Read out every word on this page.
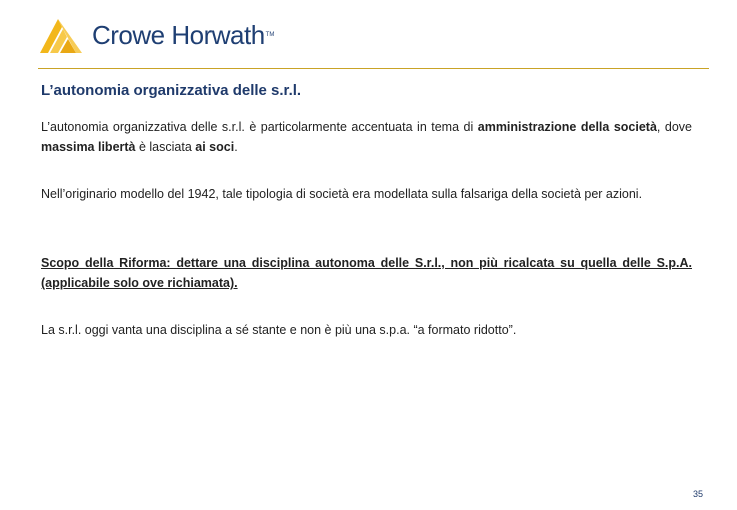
Crowe Horwath TM
L’autonomia organizzativa delle s.r.l.

L’autonomia organizzativa delle s.r.l. è particolarmente accentuata in tema di amministrazione della società, dove massima libertà è lasciata ai soci.

Nell’originario modello del 1942, tale tipologia di società era modellata sulla falsariga della società per azioni.

Scopo della Riforma: dettare una disciplina autonoma delle S.r.l., non più ricalcata su quella delle S.p.A. (applicabile solo ove richiamata).

La s.r.l. oggi vanta una disciplina a sé stante e non è più una s.p.a. “a formato ridotto”.

35
